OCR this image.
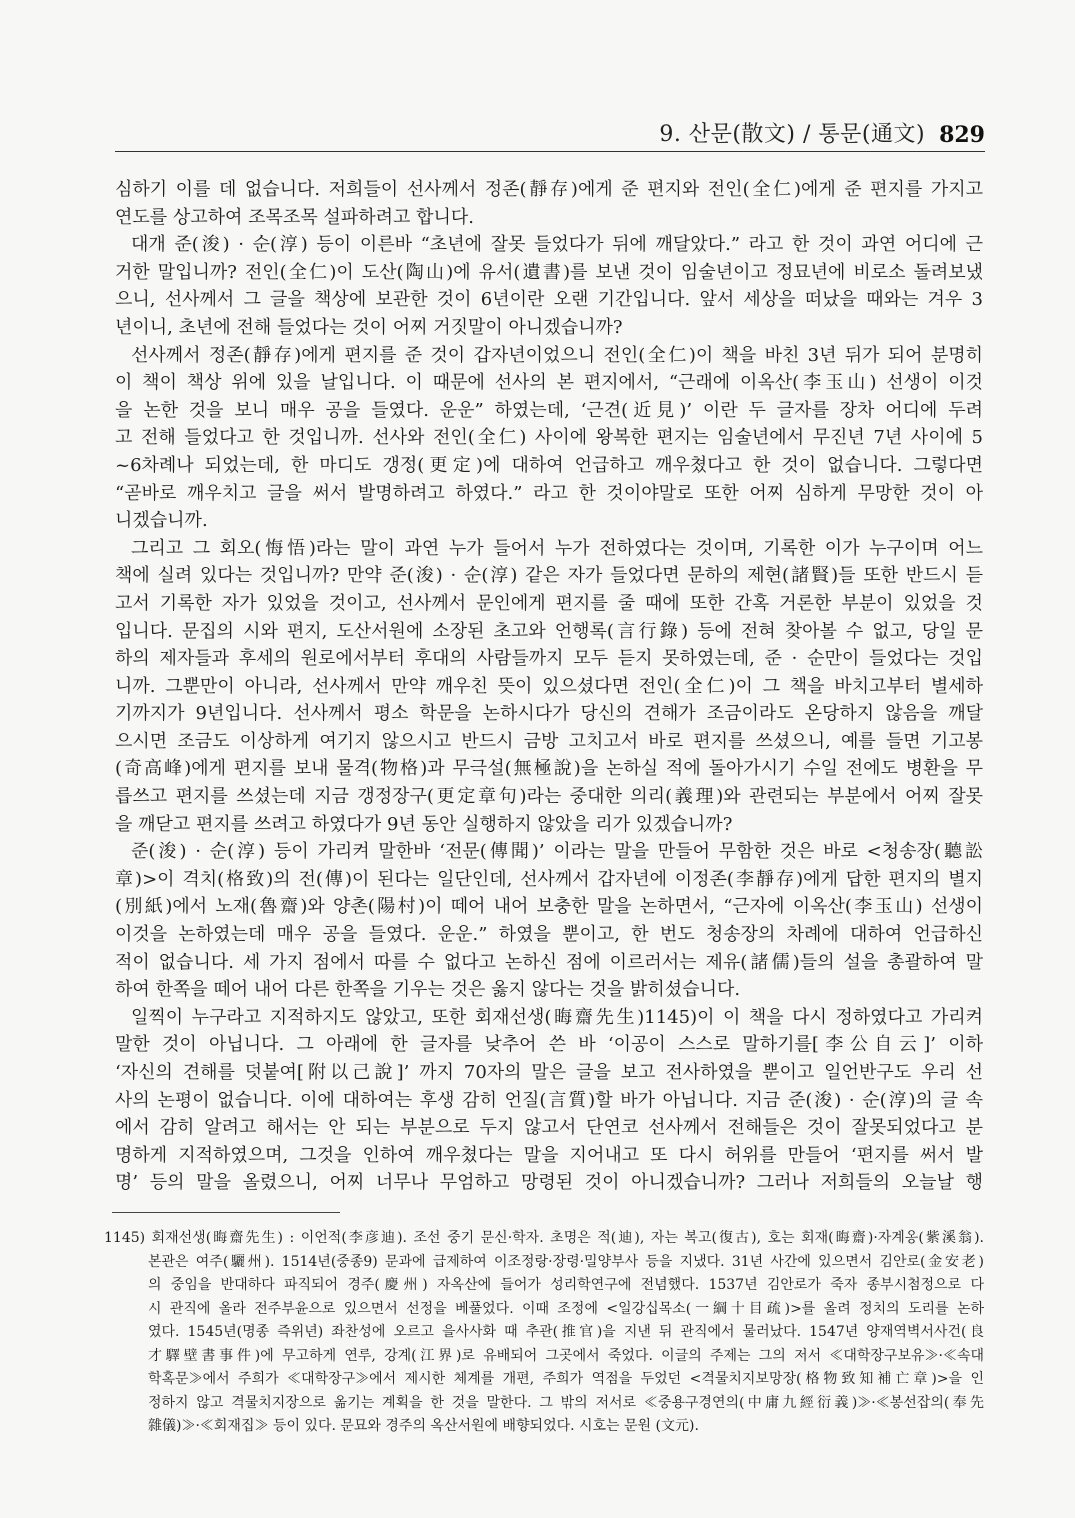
9. 산문(散文) / 통문(通文) 829
심하기 이를 데 없습니다. 저희들이 선사께서 정존(靜存)에게 준 편지와 전인(全仁)에게 준 편지를 가지고
연도를 상고하여 조목조목 설파하려고 합니다.
대개 준(浚) · 순(淳) 등이 이른바 “초년에 잘못 들었다가 뒤에 깨달았다.” 라고 한 것이 과연 어디에 근
거한 말입니까? 전인(全仁)이 도산(陶山)에 유서(遺書)를 보낸 것이 임술년이고 정묘년에 비로소 돌려보냈
으니, 선사께서 그 글을 책상에 보관한 것이 6년이란 오랜 기간입니다. 앞서 세상을 떠났을 때와는 겨우 3
년이니, 초년에 전해 들었다는 것이 어찌 거짓말이 아니겠습니까?
선사께서 정존(靜存)에게 편지를 준 것이 갑자년이었으니 전인(全仁)이 책을 바친 3년 뒤가 되어 분명히
이 책이 책상 위에 있을 날입니다. 이 때문에 선사의 본 편지에서, “근래에 이옥산(李玉山) 선생이 이것
을 논한 것을 보니 매우 공을 들였다. 운운” 하였는데, ‘근견(近見)’ 이란 두 글자를 장차 어디에 두려
고 전해 들었다고 한 것입니까. 선사와 전인(全仁) 사이에 왕복한 편지는 임술년에서 무진년 7년 사이에 5
~6차례나 되었는데, 한 마디도 갱정(更定)에 대하여 언급하고 깨우쳤다고 한 것이 없습니다. 그렇다면
“곧바로 깨우치고 글을 써서 발명하려고 하였다.” 라고 한 것이야말로 또한 어찌 심하게 무망한 것이 아
니겠습니까.
그리고 그 회오(悔悟)라는 말이 과연 누가 들어서 누가 전하였다는 것이며, 기록한 이가 누구이며 어느
책에 실려 있다는 것입니까? 만약 준(浚) · 순(淳) 같은 자가 들었다면 문하의 제현(諸賢)들 또한 반드시 듣
고서 기록한 자가 있었을 것이고, 선사께서 문인에게 편지를 줄 때에 또한 간혹 거론한 부분이 있었을 것
입니다. 문집의 시와 편지, 도산서원에 소장된 초고와 언행록(言行錄) 등에 전혀 찾아볼 수 없고, 당일 문
하의 제자들과 후세의 원로에서부터 후대의 사람들까지 모두 듣지 못하였는데, 준 · 순만이 들었다는 것입
니까. 그뿐만이 아니라, 선사께서 만약 깨우친 뜻이 있으셨다면 전인(全仁)이 그 책을 바치고부터 별세하
기까지가 9년입니다. 선사께서 평소 학문을 논하시다가 당신의 견해가 조금이라도 온당하지 않음을 깨달
으시면 조금도 이상하게 여기지 않으시고 반드시 금방 고치고서 바로 편지를 쓰셨으니, 예를 들면 기고봉
(奇高峰)에게 편지를 보내 물격(物格)과 무극설(無極說)을 논하실 적에 돌아가시기 수일 전에도 병환을 무
릅쓰고 편지를 쓰셨는데 지금 갱정장구(更定章句)라는 중대한 의리(義理)와 관련되는 부분에서 어찌 잘못
을 깨닫고 편지를 쓰려고 하였다가 9년 동안 실행하지 않았을 리가 있겠습니까?
준(浚) · 순(淳) 등이 가리켜 말한바 ‘전문(傳聞)’ 이라는 말을 만들어 무함한 것은 바로 <청송장(聽訟
章)>이 격치(格致)의 전(傳)이 된다는 일단인데, 선사께서 갑자년에 이정존(李靜存)에게 답한 편지의 별지
(別紙)에서 노재(魯齋)와 양촌(陽村)이 떼어 내어 보충한 말을 논하면서, “근자에 이옥산(李玉山) 선생이
이것을 논하였는데 매우 공을 들였다. 운운.” 하였을 뿐이고, 한 번도 청송장의 차례에 대하여 언급하신
적이 없습니다. 세 가지 점에서 따를 수 없다고 논하신 점에 이르러서는 제유(諸儒)들의 설을 총괄하여 말
하여 한쪽을 떼어 내어 다른 한쪽을 기우는 것은 옳지 않다는 것을 밝히셨습니다.
일찍이 누구라고 지적하지도 않았고, 또한 회재선생(晦齋先生)1145)이 이 책을 다시 정하였다고 가리켜
말한 것이 아닙니다. 그 아래에 한 글자를 낮추어 쓴 바 ‘이공이 스스로 말하기를[李公自云]’ 이하
‘자신의 견해를 덧붙여[附以己說]’ 까지 70자의 말은 글을 보고 전사하였을 뿐이고 일언반구도 우리 선
사의 논평이 없습니다. 이에 대하여는 후생 감히 언질(言質)할 바가 아닙니다. 지금 준(浚) · 순(淳)의 글 속
에서 감히 알려고 해서는 안 되는 부분으로 두지 않고서 단연코 선사께서 전해들은 것이 잘못되었다고 분
명하게 지적하였으며, 그것을 인하여 깨우쳤다는 말을 지어내고 또 다시 허위를 만들어 ‘편지를 써서 발
명’ 등의 말을 올렸으니, 어찌 너무나 무엄하고 망령된 것이 아니겠습니까? 그러나 저희들의 오늘날 행
1145) 회재선생(晦齋先生) : 이언적(李彦迪). 조선 중기 문신·학자. 초명은 적(迪), 자는 복고(復古), 호는 회재(晦齋)·자계옹(紫溪翁).
본관은 여주(驪州). 1514년(중종9) 문과에 급제하여 이조정랑·장령·밀양부사 등을 지냈다. 31년 사간에 있으면서 김안로(金安老)
의 중임을 반대하다 파직되어 경주(慶州) 자옥산에 들어가 성리학연구에 전념했다. 1537년 김안로가 죽자 종부시첨정으로 다
시 관직에 올라 전주부윤으로 있으면서 선정을 베풀었다. 이때 조정에 <일강십목소(一綱十目疏)>를 올려 정치의 도리를 논하
였다. 1545년(명종 즉위년) 좌찬성에 오르고 을사사화 때 추관(推官)을 지낸 뒤 관직에서 물러났다. 1547년 양재역벽서사건(良
才驛壁書事件)에 무고하게 연루, 강계(江界)로 유배되어 그곳에서 죽었다. 이글의 주제는 그의 저서 ≪대학장구보유≫·≪속대
학혹문≫에서 주희가 ≪대학장구≫에서 제시한 체계를 개편, 주희가 역점을 두었던 <격물치지보망장(格物致知補亡章)>을 인
정하지 않고 격물치지장으로 옮기는 계획을 한 것을 말한다. 그 밖의 저서로 ≪중용구경연의(中庸九經衍義)≫·≪봉선잡의(奉先
雜儀)≫·≪회재집≫ 등이 있다. 문묘와 경주의 옥산서원에 배향되었다. 시호는 문원 (文元).
